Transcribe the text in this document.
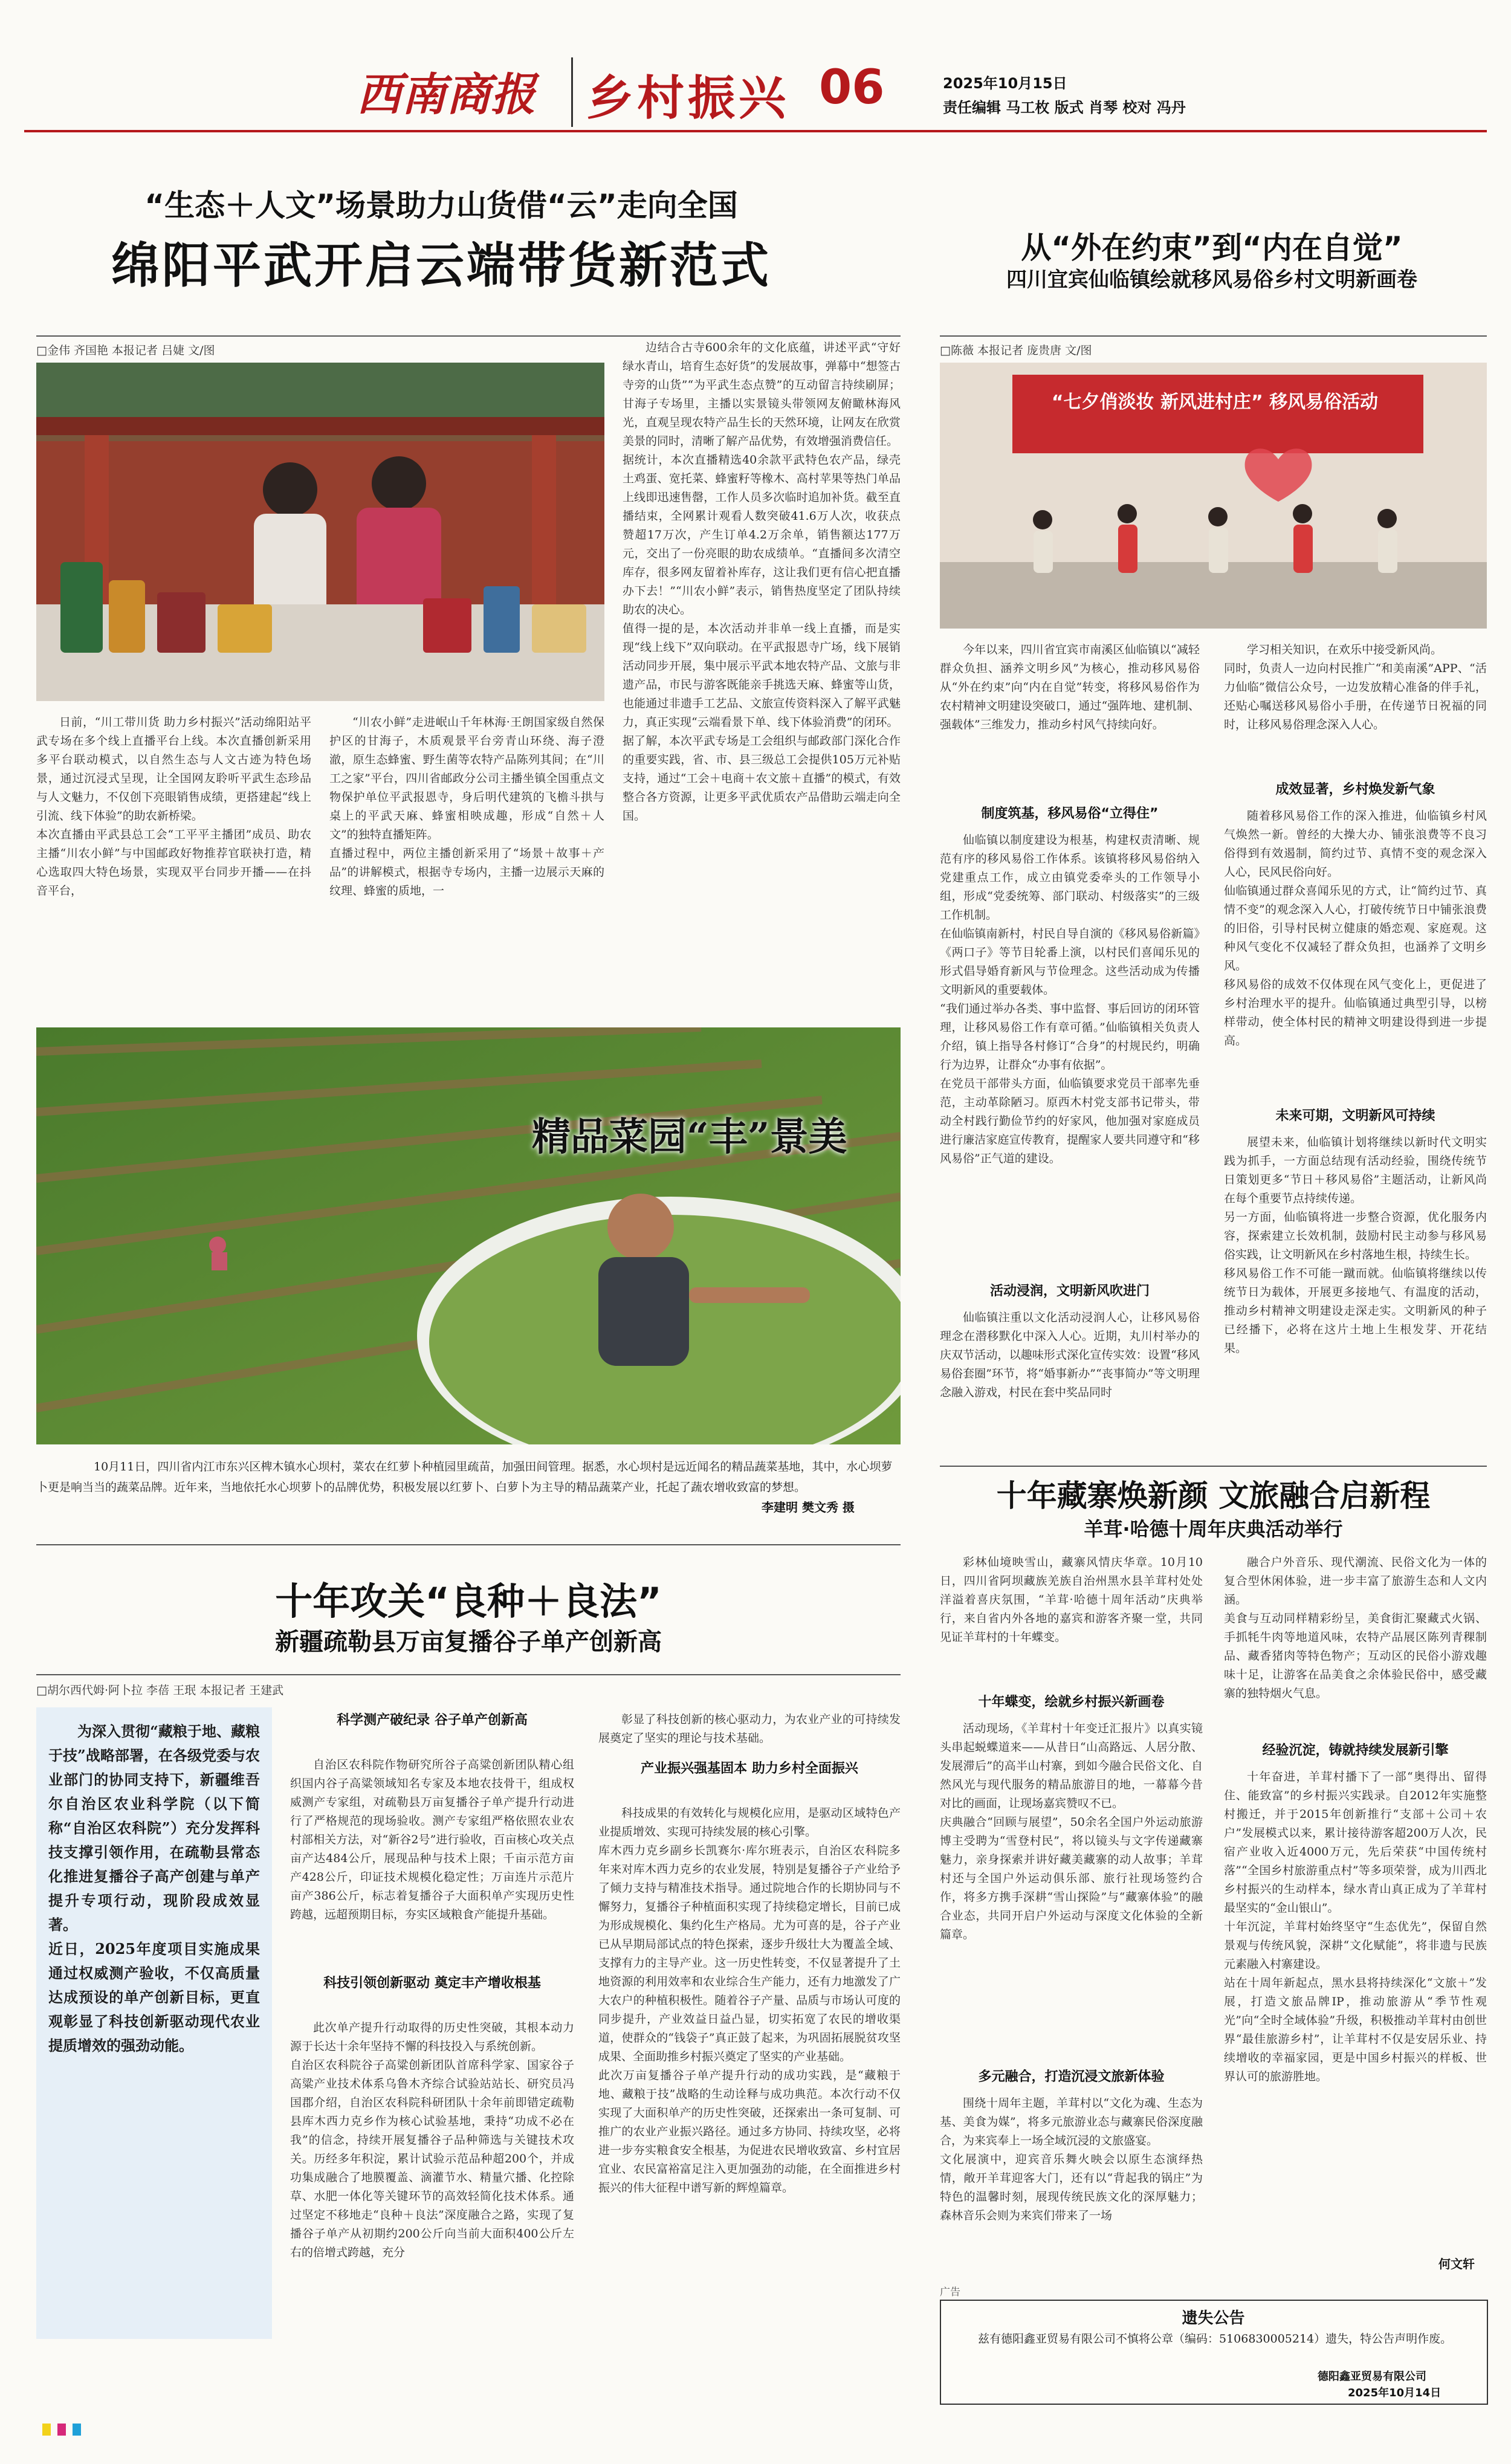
西南商报 乡村振兴 06	2025年10月15日
责任编辑 马工枚 版式 肖琴 校对 冯丹
“生态＋人文”场景助力山货借“云”走向全国
绵阳平武开启云端带货新范式
□金伟 齐国艳 本报记者 吕婕 文/图
日前，“川工带川货 助力乡村振兴”活动绵阳站平武专场在多个线上直播平台上线。本次直播创新采用多平台联动模式，以自然生态与人文古迹为特色场景，通过沉浸式呈现，让全国网友聆听平武生态珍品与人文魅力，不仅创下亮眼销售成绩，更搭建起“线上引流、线下体验”的助农新桥梁。
本次直播由平武县总工会“工平平主播团”成员、助农主播“川农小鲜”与中国邮政好物推荐官联袂打造，精心选取四大特色场景，实现双平台同步开播——在抖音平台，
“川农小鲜”走进岷山千年林海·王朗国家级自然保护区的甘海子，木质观景平台旁青山环绕、海子澄澈，原生态蜂蜜、野生菌等农特产品陈列其间；在“川工之家”平台，四川省邮政分公司主播坐镇全国重点文物保护单位平武报恩寺，身后明代建筑的飞檐斗拱与桌上的平武天麻、蜂蜜相映成趣，形成“自然＋人文”的独特直播矩阵。
直播过程中，两位主播创新采用了“场景＋故事＋产品”的讲解模式，根据寺专场内，主播一边展示天麻的纹理、蜂蜜的质地，一
边结合古寺600余年的文化底蕴，讲述平武“守好绿水青山，培育生态好货”的发展故事，弹幕中“想签古寺旁的山货”“为平武生态点赞”的互动留言持续刷屏；甘海子专场里，主播以实景镜头带领网友俯瞰林海风光，直观呈现农特产品生长的天然环境，让网友在欣赏美景的同时，清晰了解产品优势，有效增强消费信任。
据统计，本次直播精选40余款平武特色农产品，绿壳土鸡蛋、宽托菜、蜂蜜籽等橡木、高村苹果等热门单品上线即迅速售罄，工作人员多次临时追加补货。截至直播结束，全网累计观看人数突破41.6万人次，收获点赞超17万次，产生订单4.2万余单，销售额达177万元，交出了一份亮眼的助农成绩单。“直播间多次清空库存，很多网友留着补库存，这让我们更有信心把直播办下去！”“川农小鲜”表示，销售热度坚定了团队持续助农的决心。
值得一提的是，本次活动并非单一线上直播，而是实现“线上线下”双向联动。在平武报恩寺广场，线下展销活动同步开展，集中展示平武本地农特产品、文旅与非遗产品，市民与游客既能亲手挑选天麻、蜂蜜等山货，也能通过非遗手工艺品、文旅宣传资料深入了解平武魅力，真正实现“云端看景下单、线下体验消费”的闭环。
据了解，本次平武专场是工会组织与邮政部门深化合作的重要实践，省、市、县三级总工会提供105万元补贴支持，通过“工会＋电商＋农文旅＋直播”的模式，有效整合各方资源，让更多平武优质农产品借助云端走向全国。
精品菜园“丰”景美
10月11日，四川省内江市东兴区椑木镇水心坝村，菜农在红萝卜种植园里疏苗，加强田间管理。据悉，水心坝村是远近闻名的精品蔬菜基地，其中，水心坝萝卜更是响当当的蔬菜品牌。近年来，当地依托水心坝萝卜的品牌优势，积极发展以红萝卜、白萝卜为主导的精品蔬菜产业，托起了蔬农增收致富的梦想。
李建明 樊文秀 摄
从“外在约束”到“内在自觉”
四川宜宾仙临镇绘就移风易俗乡村文明新画卷
□陈薇 本报记者 庞贵唐 文/图
“七夕俏淡妆 新风进村庄” 移风易俗活动
今年以来，四川省宜宾市南溪区仙临镇以“减轻群众负担、涵养文明乡风”为核心，推动移风易俗从“外在约束”向“内在自觉”转变，将移风易俗作为农村精神文明建设突破口，通过“强阵地、建机制、强载体”三维发力，推动乡村风气持续向好。
制度筑基，移风易俗“立得住”
仙临镇以制度建设为根基，构建权责清晰、规范有序的移风易俗工作体系。该镇将移风易俗纳入党建重点工作，成立由镇党委牵头的工作领导小组，形成“党委统筹、部门联动、村级落实”的三级工作机制。
在仙临镇南新村，村民自导自演的《移风易俗新篇》《两口子》等节目轮番上演，以村民们喜闻乐见的形式倡导婚育新风与节俭理念。这些活动成为传播文明新风的重要载体。
“我们通过举办各类、事中监督、事后回访的闭环管理，让移风易俗工作有章可循。”仙临镇相关负责人介绍，镇上指导各村修订“合身”的村规民约，明确行为边界，让群众“办事有依据”。
在党员干部带头方面，仙临镇要求党员干部率先垂范，主动革除陋习。原西木村党支部书记带头，带动全村践行勤俭节约的好家风，他加强对家庭成员进行廉洁家庭宣传教育，提醒家人要共同遵守和“移风易俗”正气道的建设。
活动浸润，文明新风吹进门
仙临镇注重以文化活动浸润人心，让移风易俗理念在潜移默化中深入人心。近期，丸川村举办的庆双节活动，以趣味形式深化宣传实效：设置“移风易俗套圈”环节，将“婚事新办”“丧事简办”等文明理念融入游戏，村民在套中奖品同时
学习相关知识，在欢乐中接受新风尚。
同时，负责人一边向村民推广“和美南溪”APP、“活力仙临”微信公众号，一边发放精心准备的伴手礼，还贴心嘱送移风易俗小手册，在传递节日祝福的同时，让移风易俗理念深入人心。
成效显著，乡村焕发新气象
随着移风易俗工作的深入推进，仙临镇乡村风气焕然一新。曾经的大操大办、铺张浪费等不良习俗得到有效遏制，简约过节、真情不变的观念深入人心，民风民俗向好。
仙临镇通过群众喜闻乐见的方式，让“简约过节、真情不变”的观念深入人心，打破传统节日中铺张浪费的旧俗，引导村民树立健康的婚恋观、家庭观。这种风气变化不仅减轻了群众负担，也涵养了文明乡风。
移风易俗的成效不仅体现在风气变化上，更促进了乡村治理水平的提升。仙临镇通过典型引导，以榜样带动，使全体村民的精神文明建设得到进一步提高。
未来可期，文明新风可持续
展望未来，仙临镇计划将继续以新时代文明实践为抓手，一方面总结现有活动经验，围绕传统节日策划更多“节日＋移风易俗”主题活动，让新风尚在每个重要节点持续传递。
另一方面，仙临镇将进一步整合资源，优化服务内容，探索建立长效机制，鼓励村民主动参与移风易俗实践，让文明新风在乡村落地生根，持续生长。
移风易俗工作不可能一蹴而就。仙临镇将继续以传统节日为载体，开展更多接地气、有温度的活动，推动乡村精神文明建设走深走实。文明新风的种子已经播下，必将在这片土地上生根发芽、开花结果。
十年藏寨焕新颜 文旅融合启新程
羊茸·哈德十周年庆典活动举行
彩林仙境映雪山，藏寨风情庆华章。10月10日，四川省阿坝藏族羌族自治州黑水县羊茸村处处洋溢着喜庆氛围，“羊茸·哈德十周年活动”庆典举行，来自省内外各地的嘉宾和游客齐聚一堂，共同见证羊茸村的十年蝶变。
十年蝶变，绘就乡村振兴新画卷
活动现场，《羊茸村十年变迁汇报片》以真实镜头串起蜕蝶道来——从昔日“山高路远、人居分散、发展滞后”的高半山村寨，到如今融合民俗文化、自然风光与现代服务的精品旅游目的地，一幕幕今昔对比的画面，让现场嘉宾赞叹不已。
庆典融合“回顾与展望”，50余名全国户外运动旅游博主受聘为“雪登村民”，将以镜头与文字传递藏寨魅力，亲身探索并讲好藏美藏寨的动人故事；羊茸村还与全国户外运动俱乐部、旅行社现场签约合作，将多方携手深耕“雪山探险”与“藏寨体验”的融合业态，共同开启户外运动与深度文化体验的全新篇章。
多元融合，打造沉浸文旅新体验
围绕十周年主题，羊茸村以“文化为魂、生态为基、美食为媒”，将多元旅游业态与藏寨民俗深度融合，为来宾奉上一场全域沉浸的文旅盛宴。
文化展演中，迎宾音乐舞火映会以原生态演绎热情，敞开羊茸迎客大门，还有以“背起我的锅庄”为特色的温馨时刻，展现传统民族文化的深厚魅力；森林音乐会则为来宾们带来了一场
融合户外音乐、现代潮流、民俗文化为一体的复合型休闲体验，进一步丰富了旅游生态和人文内涵。
美食与互动同样精彩纷呈，美食街汇聚藏式火锅、手抓牦牛肉等地道风味，农特产品展区陈列青稞制品、藏香猪肉等特色物产；互动区的民俗小游戏趣味十足，让游客在品美食之余体验民俗中，感受藏寨的独特烟火气息。
经验沉淀，铸就持续发展新引擎
十年奋进，羊茸村播下了一部“奥得出、留得住、能致富”的乡村振兴实践录。自2012年实施整村搬迁，并于2015年创新推行“支部＋公司＋农户”发展模式以来，累计接待游客超200万人次，民宿产业收入近4000万元，先后荣获“中国传统村落”“全国乡村旅游重点村”等多项荣誉，成为川西北乡村振兴的生动样本，绿水青山真正成为了羊茸村最坚实的“金山银山”。
十年沉淀，羊茸村始终坚守“生态优先”，保留自然景观与传统风貌，深耕“文化赋能”，将非遗与民族元素融入村寨建设。
站在十周年新起点，黑水县将持续深化“文旅＋”发展，打造文旅品牌IP，推动旅游从“季节性观光”向“全时全域体验”升级，积极推动羊茸村由创世界“最佳旅游乡村”，让羊茸村不仅是安居乐业、持续增收的幸福家园，更是中国乡村振兴的样板、世界认可的旅游胜地。
何文轩
十年攻关“良种＋良法”
新疆疏勒县万亩复播谷子单产创新高
□胡尔西代姆·阿卜拉 李蓓 王珉 本报记者 王建武
为深入贯彻“藏粮于地、藏粮于技”战略部署，在各级党委与农业部门的协同支持下，新疆维吾尔自治区农业科学院（以下简称“自治区农科院”）充分发挥科技支撑引领作用，在疏勒县常态化推进复播谷子高产创建与单产提升专项行动，现阶段成效显著。
近日，2025年度项目实施成果通过权威测产验收，不仅高质量达成预设的单产创新目标，更直观彰显了科技创新驱动现代农业提质增效的强劲动能。
科学测产破纪录 谷子单产创新高
自治区农科院作物研究所谷子高粱创新团队精心组织国内谷子高粱领域知名专家及本地农技骨干，组成权威测产专家组，对疏勒县万亩复播谷子单产提升行动进行了严格规范的现场验收。测产专家组严格依照农业农村部相关方法，对“新谷2号”进行验收，百亩核心攻关点亩产达484公斤，展现品种与技术上限；千亩示范方亩产428公斤，印证技术规模化稳定性；万亩连片示范片亩产386公斤，标志着复播谷子大面积单产实现历史性跨越，远超预期目标，夯实区域粮食产能提升基础。
科技引领创新驱动 奠定丰产增收根基
此次单产提升行动取得的历史性突破，其根本动力源于长达十余年坚持不懈的科技投入与系统创新。
自治区农科院谷子高粱创新团队首席科学家、国家谷子高粱产业技术体系乌鲁木齐综合试验站站长、研究员冯国郡介绍，自治区农科院科研团队十余年前即错定疏勒县库木西力克乡作为核心试验基地，秉持“功成不必在我”的信念，持续开展复播谷子品种筛选与关键技术攻关。历经多年积淀，累计试验示范品种超200个，并成功集成融合了地膜覆盖、滴灌节水、精量穴播、化控除草、水肥一体化等关键环节的高效轻简化技术体系。通过坚定不移地走“良种＋良法”深度融合之路，实现了复播谷子单产从初期约200公斤向当前大面积400公斤左右的倍增式跨越，充分
彰显了科技创新的核心驱动力，为农业产业的可持续发展奠定了坚实的理论与技术基础。
产业振兴强基固本 助力乡村全面振兴
科技成果的有效转化与规模化应用，是驱动区域特色产业提质增效、实现可持续发展的核心引擎。
库木西力克乡副乡长凯赛尔·库尔班表示，自治区农科院多年来对库木西力克乡的农业发展，特别是复播谷子产业给予了倾力支持与精准技术指导。通过院地合作的长期协同与不懈努力，复播谷子种植面积实现了持续稳定增长，目前已成为形成规模化、集约化生产格局。尤为可喜的是，谷子产业已从早期局部试点的特色探索，逐步升级壮大为覆盖全域、支撑有力的主导产业。这一历史性转变，不仅显著提升了土地资源的利用效率和农业综合生产能力，还有力地激发了广大农户的种植积极性。随着谷子产量、品质与市场认可度的同步提升，产业效益日益凸显，切实拓宽了农民的增收渠道，使群众的“钱袋子”真正鼓了起来，为巩固拓展脱贫攻坚成果、全面助推乡村振兴奠定了坚实的产业基础。
此次万亩复播谷子单产提升行动的成功实践，是“藏粮于地、藏粮于技”战略的生动诠释与成功典范。本次行动不仅实现了大面积单产的历史性突破，还探索出一条可复制、可推广的农业产业振兴路径。通过多方协同、持续攻坚，必将进一步夯实粮食安全根基，为促进农民增收致富、乡村宜居宜业、农民富裕富足注入更加强劲的动能，在全面推进乡村振兴的伟大征程中谱写新的辉煌篇章。
广告
遗失公告
兹有德阳鑫亚贸易有限公司不慎将公章（编码：5106830005214）遗失，特公告声明作废。
德阳鑫亚贸易有限公司
2025年10月14日
